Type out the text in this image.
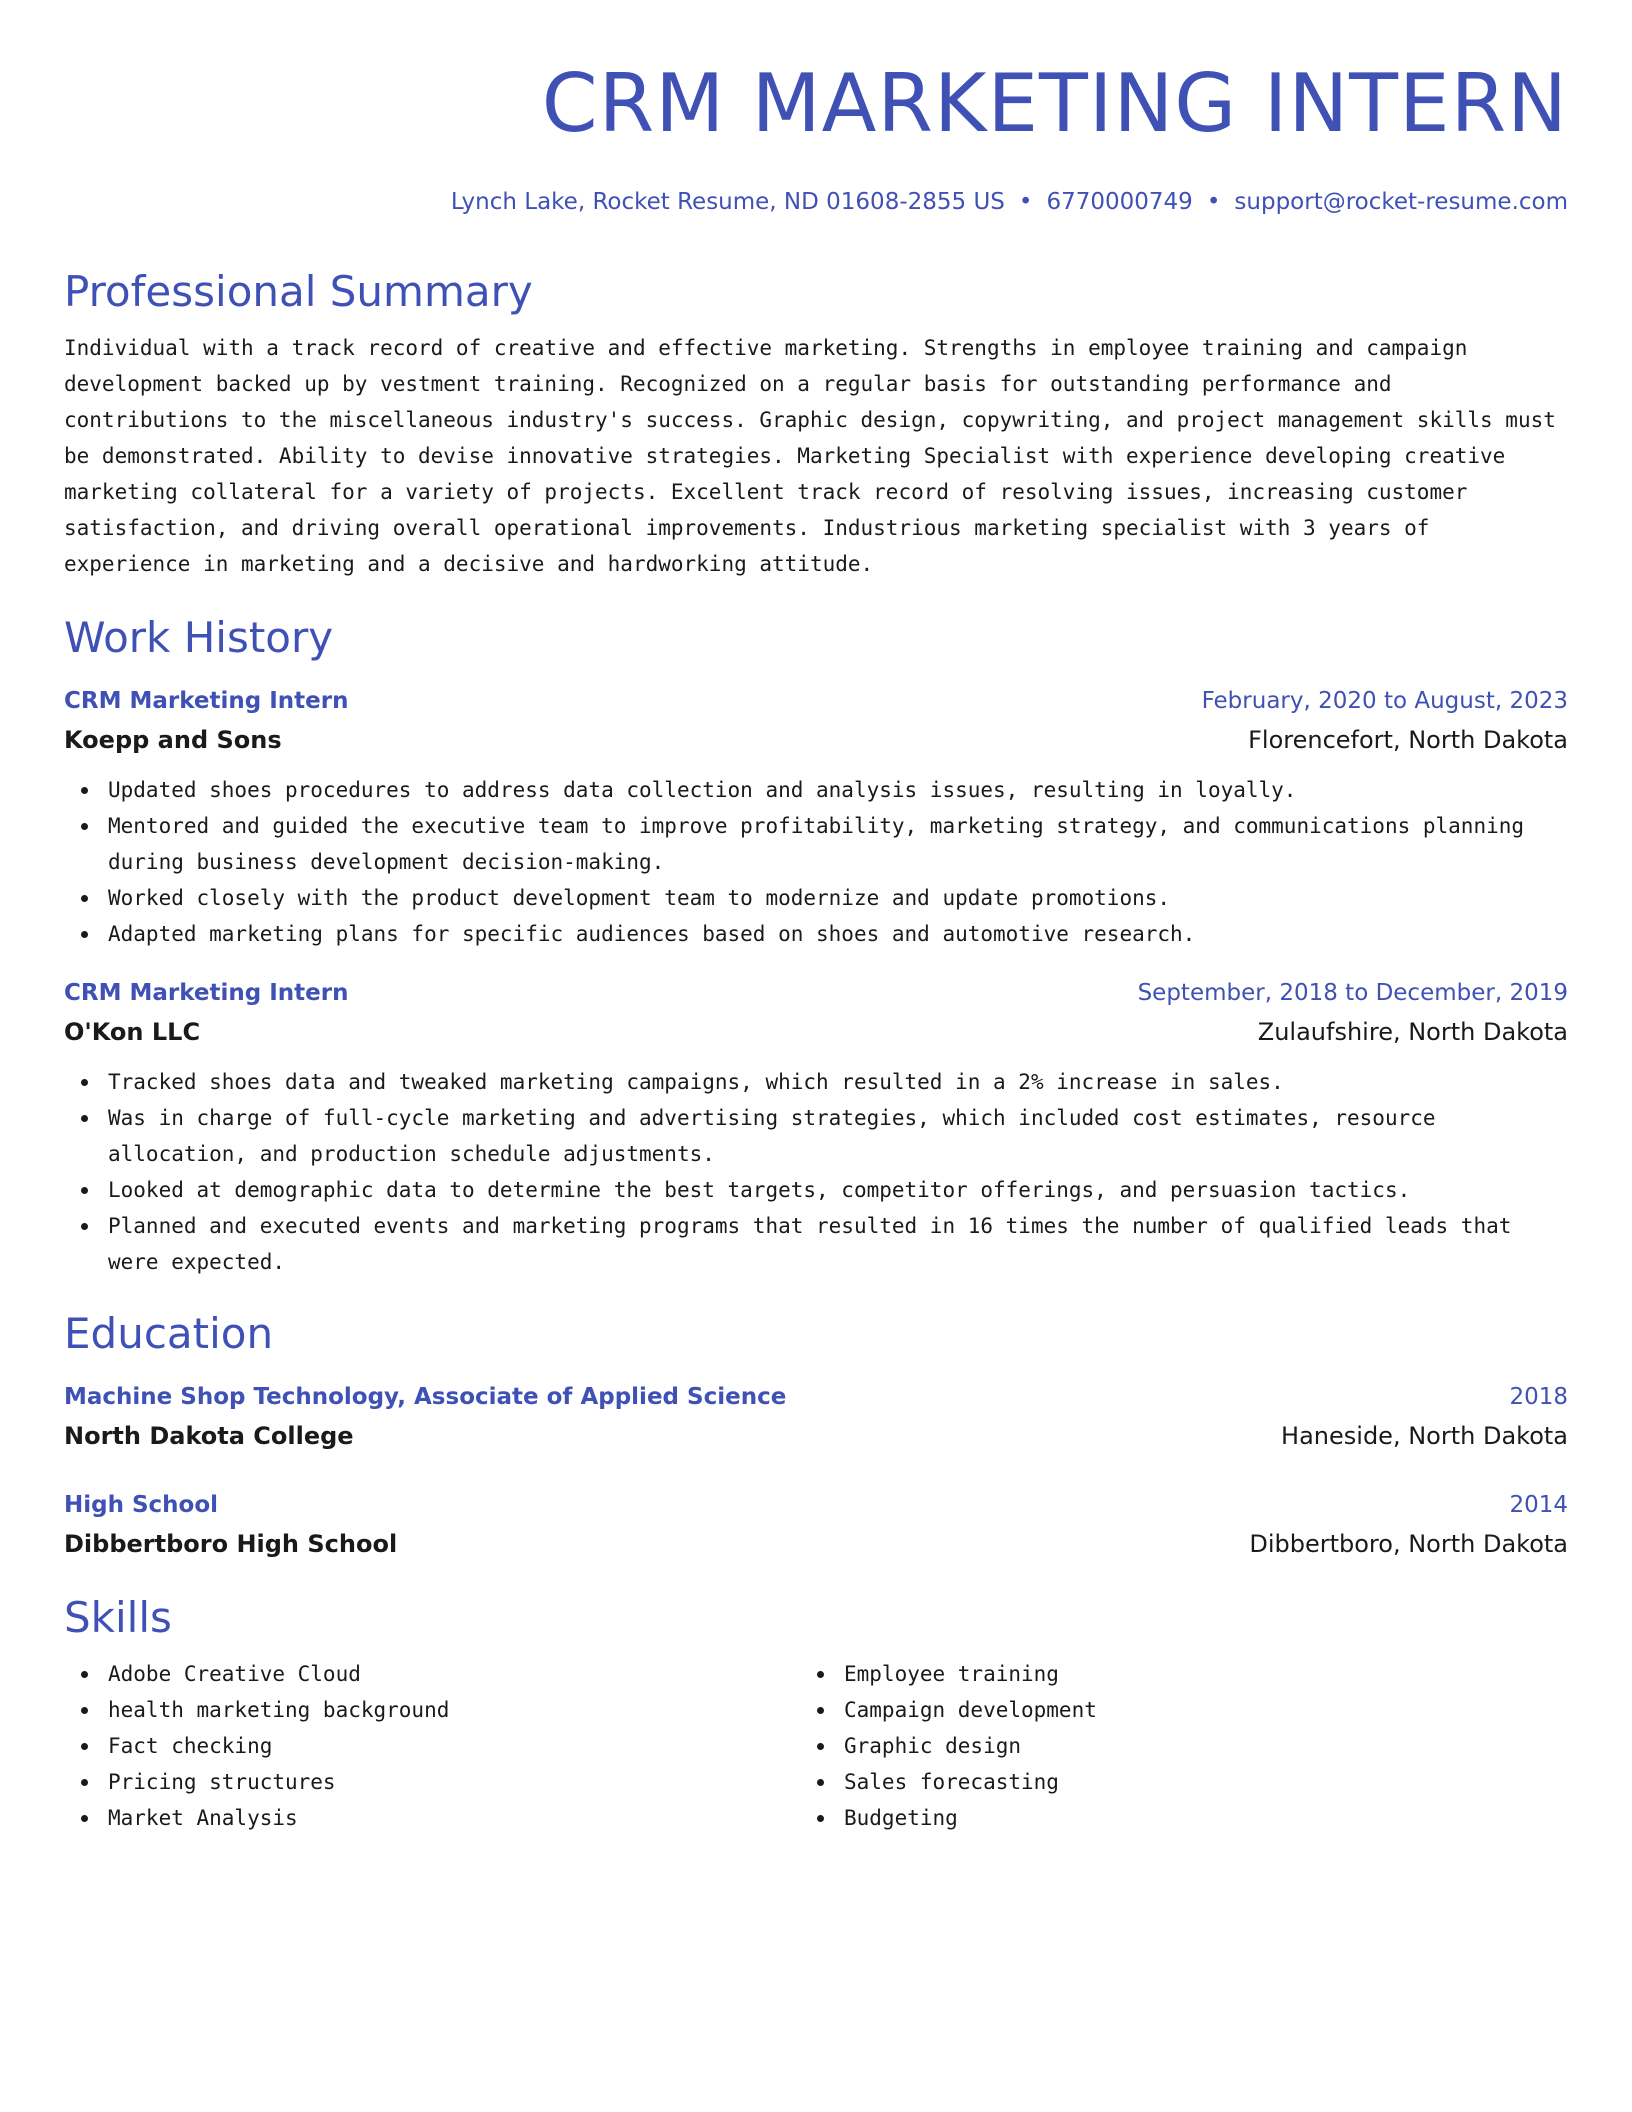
CRM MARKETING INTERN
Lynch Lake, Rocket Resume, ND 01608-2855 US • 6770000749 • support@rocket-resume.com
Professional Summary
Individual with a track record of creative and effective marketing. Strengths in employee training and campaign development backed up by vestment training. Recognized on a regular basis for outstanding performance and contributions to the miscellaneous industry's success. Graphic design, copywriting, and project management skills must be demonstrated. Ability to devise innovative strategies. Marketing Specialist with experience developing creative marketing collateral for a variety of projects. Excellent track record of resolving issues, increasing customer satisfaction, and driving overall operational improvements. Industrious marketing specialist with 3 years of experience in marketing and a decisive and hardworking attitude.
Work History
CRM Marketing Intern	February, 2020 to August, 2023
Koepp and Sons	Florencefort, North Dakota
Updated shoes procedures to address data collection and analysis issues, resulting in loyally.
Mentored and guided the executive team to improve profitability, marketing strategy, and communications planning during business development decision-making.
Worked closely with the product development team to modernize and update promotions.
Adapted marketing plans for specific audiences based on shoes and automotive research.
CRM Marketing Intern	September, 2018 to December, 2019
O'Kon LLC	Zulaufshire, North Dakota
Tracked shoes data and tweaked marketing campaigns, which resulted in a 2% increase in sales.
Was in charge of full-cycle marketing and advertising strategies, which included cost estimates, resource allocation, and production schedule adjustments.
Looked at demographic data to determine the best targets, competitor offerings, and persuasion tactics.
Planned and executed events and marketing programs that resulted in 16 times the number of qualified leads that were expected.
Education
Machine Shop Technology, Associate of Applied Science	2018
North Dakota College	Haneside, North Dakota
High School	2014
Dibbertboro High School	Dibbertboro, North Dakota
Skills
Adobe Creative Cloud
health marketing background
Fact checking
Pricing structures
Market Analysis
Employee training
Campaign development
Graphic design
Sales forecasting
Budgeting
